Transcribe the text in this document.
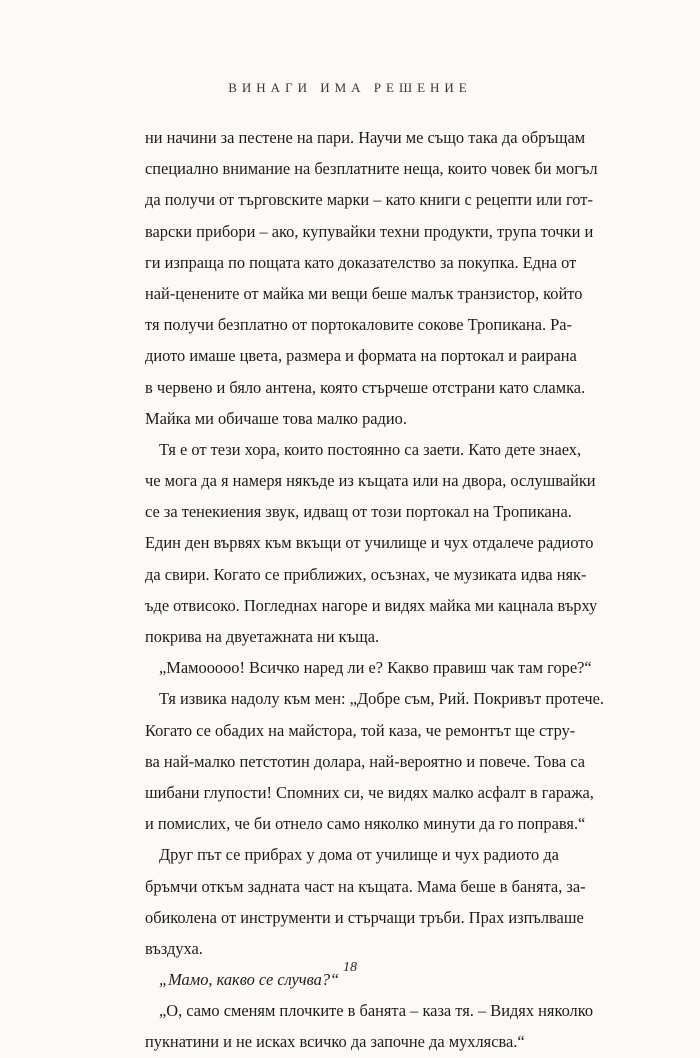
ВИНАГИ ИМА РЕШЕНИЕ
ни начини за пестене на пари. Научи ме също така да обръщам
специално внимание на безплатните неща, които човек би могъл
да получи от търговските марки – като книги с рецепти или гот-
варски прибори – ако, купувайки техни продукти, трупа точки и
ги изпраща по пощата като доказателство за покупка. Една от
най-ценените от майка ми вещи беше малък транзистор, който
тя получи безплатно от портокаловите сокове Тропикана. Ра-
диото имаше цвета, размера и формата на портокал и раирана
в червено и бяло антена, която стърчеше отстрани като сламка.
Майка ми обичаше това малко радио.
Тя е от тези хора, които постоянно са заети. Като дете знаех,
че мога да я намеря някъде из къщата или на двора, ослушвайки
се за тенекиения звук, идващ от този портокал на Тропикана.
Един ден вървях към вкъщи от училище и чух отдалече радиото
да свири. Когато се приближих, осъзнах, че музиката идва няк-
ъде отвисоко. Погледнах нагоре и видях майка ми кацнала върху
покрива на двуетажната ни къща.
„Мамооооо! Всичко наред ли е? Какво правиш чак там горе?“
Тя извика надолу към мен: „Добре съм, Рий. Покривът протече.
Когато се обадих на майстора, той каза, че ремонтът ще стру-
ва най-малко петстотин долара, най-вероятно и повече. Това са
шибани глупости! Спомних си, че видях малко асфалт в гаража,
и помислих, че би отнело само няколко минути да го поправя.“
Друг път се прибрах у дома от училище и чух радиото да
бръмчи откъм задната част на къщата. Мама беше в банята, за-
обиколена от инструменти и стърчащи тръби. Прах изпълваше
въздуха.
„Мамо, какво се случва?“
„О, само сменям плочките в банята – каза тя. – Видях няколко
пукнатини и не исках всичко да започне да мухлясва.“
18
